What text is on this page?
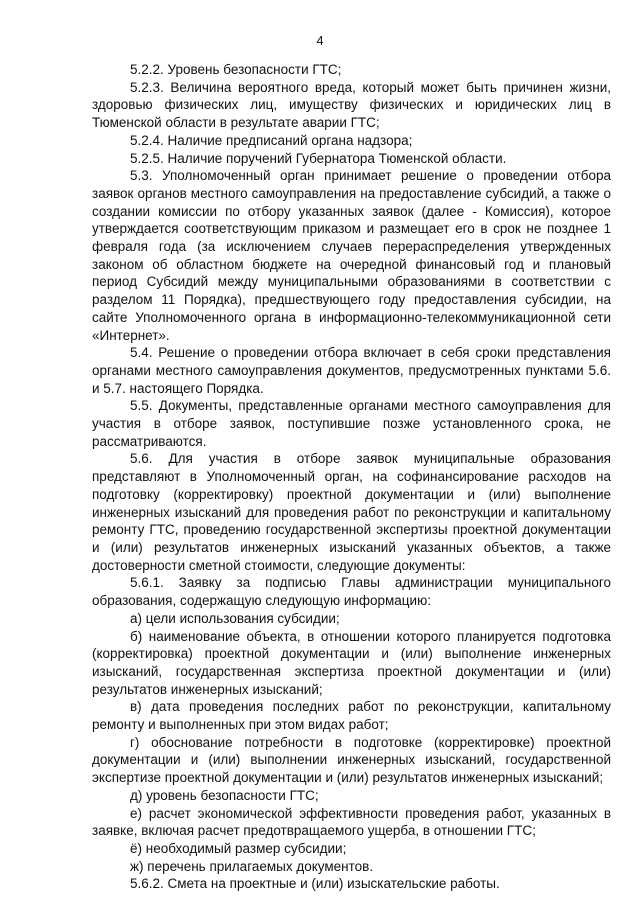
4

5.2.2. Уровень безопасности ГТС;

5.2.3. Величина вероятного вреда, который может быть причинен жизни, здоровью физических лиц, имуществу физических и юридических лиц в Тюменской области в результате аварии ГТС;

5.2.4. Наличие предписаний органа надзора;

5.2.5. Наличие поручений Губернатора Тюменской области.

5.3. Уполномоченный орган принимает решение о проведении отбора заявок органов местного самоуправления на предоставление субсидий, а также о создании комиссии по отбору указанных заявок (далее - Комиссия), которое утверждается соответствующим приказом и размещает его в срок не позднее 1 февраля года (за исключением случаев перераспределения утвержденных законом об областном бюджете на очередной финансовый год и плановый период Субсидий между муниципальными образованиями в соответствии с разделом 11 Порядка), предшествующего году предоставления субсидии, на сайте Уполномоченного органа в информационно-телекоммуникационной сети «Интернет».

5.4. Решение о проведении отбора включает в себя сроки представления органами местного самоуправления документов, предусмотренных пунктами 5.6. и 5.7. настоящего Порядка.

5.5. Документы, представленные органами местного самоуправления для участия в отборе заявок, поступившие позже установленного срока, не рассматриваются.

5.6. Для участия в отборе заявок муниципальные образования представляют в Уполномоченный орган, на софинансирование расходов на подготовку (корректировку) проектной документации и (или) выполнение инженерных изысканий для проведения работ по реконструкции и капитальному ремонту ГТС, проведению государственной экспертизы проектной документации и (или) результатов инженерных изысканий указанных объектов, а также достоверности сметной стоимости, следующие документы:

5.6.1. Заявку за подписью Главы администрации муниципального образования, содержащую следующую информацию:

а) цели использования субсидии;

б) наименование объекта, в отношении которого планируется подготовка (корректировка) проектной документации и (или) выполнение инженерных изысканий, государственная экспертиза проектной документации и (или) результатов инженерных изысканий;

в) дата проведения последних работ по реконструкции, капитальному ремонту и выполненных при этом видах работ;

г) обоснование потребности в подготовке (корректировке) проектной документации и (или) выполнении инженерных изысканий, государственной экспертизе проектной документации и (или) результатов инженерных изысканий;

д) уровень безопасности ГТС;

е) расчет экономической эффективности проведения работ, указанных в заявке, включая расчет предотвращаемого ущерба, в отношении ГТС;

ё) необходимый размер субсидии;

ж) перечень прилагаемых документов.

5.6.2. Смета на проектные и (или) изыскательские работы.
